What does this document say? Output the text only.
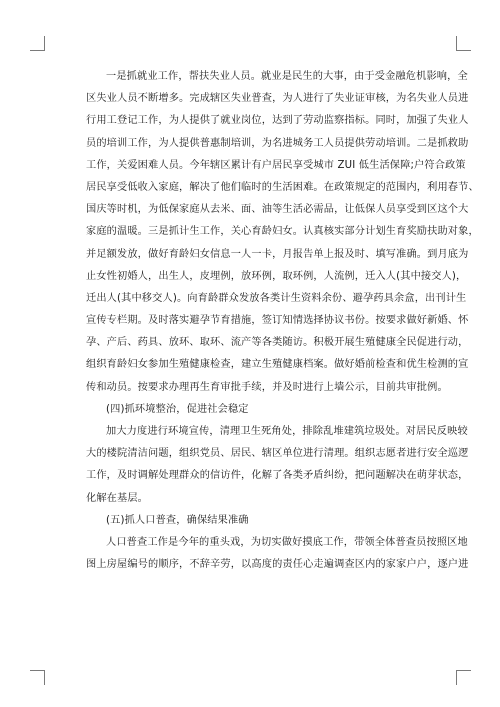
一是抓就业工作，帮扶失业人员。就业是民生的大事，由于受金融危机影响，全
区失业人员不断增多。完成辖区失业普查，为人进行了失业证审核，为名失业人员进
行用工登记工作，为人提供了就业岗位，达到了劳动监察指标。同时，加强了失业人
员的培训工作，为人提供普惠制培训，为名进城务工人员提供劳动培训。二是抓救助
工作，关爱困难人员。今年辖区累计有户居民享受城市 ZUI 低生活保障;户符合政策
居民享受低收入家庭，解决了他们临时的生活困难。在政策规定的范围内，利用春节、
国庆等时机，为低保家庭从去米、面、油等生活必需品，让低保人员享受到区这个大
家庭的温暖。三是抓计生工作，关心育龄妇女。认真核实部分计划生育奖励扶助对象，
并足额发放，做好育龄妇女信息一人一卡，月报告单上报及时、填写准确。到月底为
止女性初婚人，出生人，皮埋例，放环例，取环例，人流例，迁入人(其中接交人)，
迁出人(其中移交人)。向育龄群众发放各类计生资料余份、避孕药具余盒，出刊计生
宣传专栏期。及时落实避孕节育措施，签订知情选择协议书份。按要求做好新婚、怀
孕、产后、药具、放环、取环、流产等各类随访。积极开展生殖健康全民促进行动，
组织育龄妇女参加生殖健康检查，建立生殖健康档案。做好婚前检查和优生检测的宣
传和动员。按要求办理再生育审批手续，并及时进行上墙公示，目前共审批例。
(四)抓环境整治，促进社会稳定
加大力度进行环境宣传，清理卫生死角处，排除乱堆建筑垃圾处。对居民反映较
大的楼院清洁问题，组织党员、居民、辖区单位进行清理。组织志愿者进行安全巡逻
工作，及时调解处理群众的信访件，化解了各类矛盾纠纷，把问题解决在萌芽状态，
化解在基层。
(五)抓人口普查，确保结果准确
人口普查工作是今年的重头戏，为切实做好摸底工作，带领全体普查员按照区地
图上房屋编号的顺序，不辞辛劳，以高度的责任心走遍调查区内的家家户户，逐户进
